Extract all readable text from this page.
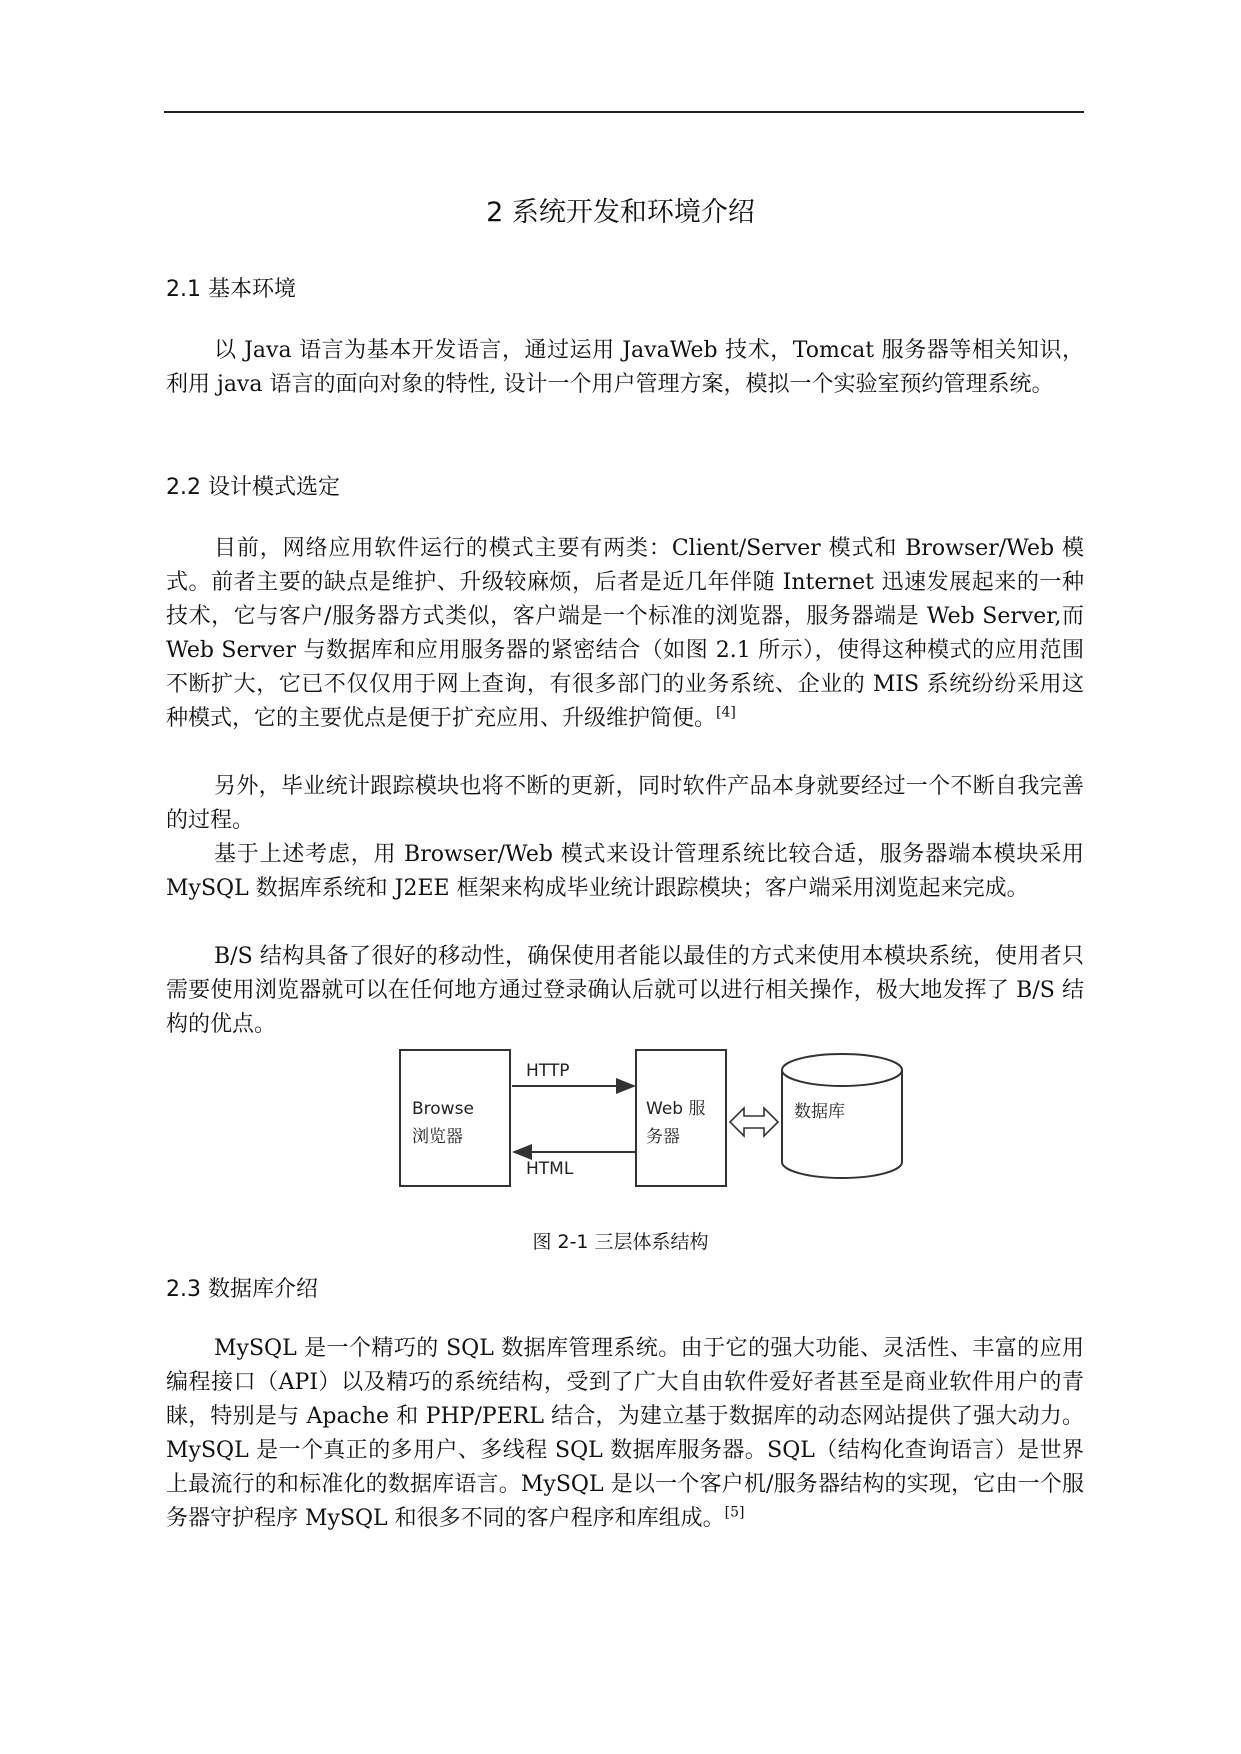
2 系统开发和环境介绍
2.1 基本环境

以 Java 语言为基本开发语言，通过运用 JavaWeb 技术，Tomcat 服务器等相关知识，利用 java 语言的面向对象的特性, 设计一个用户管理方案，模拟一个实验室预约管理系统。

2.2 设计模式选定

目前，网络应用软件运行的模式主要有两类：Client/Server 模式和 Browser/Web 模式。前者主要的缺点是维护、升级较麻烦，后者是近几年伴随 Internet 迅速发展起来的一种技术，它与客户/服务器方式类似，客户端是一个标准的浏览器，服务器端是 Web Server,而 Web Server 与数据库和应用服务器的紧密结合（如图 2.1 所示），使得这种模式的应用范围不断扩大，它已不仅仅用于网上查询，有很多部门的业务系统、企业的 MIS 系统纷纷采用这种模式，它的主要优点是便于扩充应用、升级维护简便。[4]

另外，毕业统计跟踪模块也将不断的更新，同时软件产品本身就要经过一个不断自我完善的过程。

基于上述考虑，用 Browser/Web 模式来设计管理系统比较合适，服务器端本模块采用 MySQL 数据库系统和 J2EE 框架来构成毕业统计跟踪模块；客户端采用浏览起来完成。

B/S 结构具备了很好的移动性，确保使用者能以最佳的方式来使用本模块系统，使用者只需要使用浏览器就可以在任何地方通过登录确认后就可以进行相关操作，极大地发挥了 B/S 结构的优点。

Browse
浏览器
HTTP
HTML
Web 服
务器
数据库
图 2-1 三层体系结构
2.3 数据库介绍

MySQL 是一个精巧的 SQL 数据库管理系统。由于它的强大功能、灵活性、丰富的应用编程接口（API）以及精巧的系统结构，受到了广大自由软件爱好者甚至是商业软件用户的青睐，特别是与 Apache 和 PHP/PERL 结合，为建立基于数据库的动态网站提供了强大动力。MySQL 是一个真正的多用户、多线程 SQL 数据库服务器。SQL（结构化查询语言）是世界上最流行的和标准化的数据库语言。MySQL 是以一个客户机/服务器结构的实现，它由一个服务器守护程序 MySQL 和很多不同的客户程序和库组成。[5]
